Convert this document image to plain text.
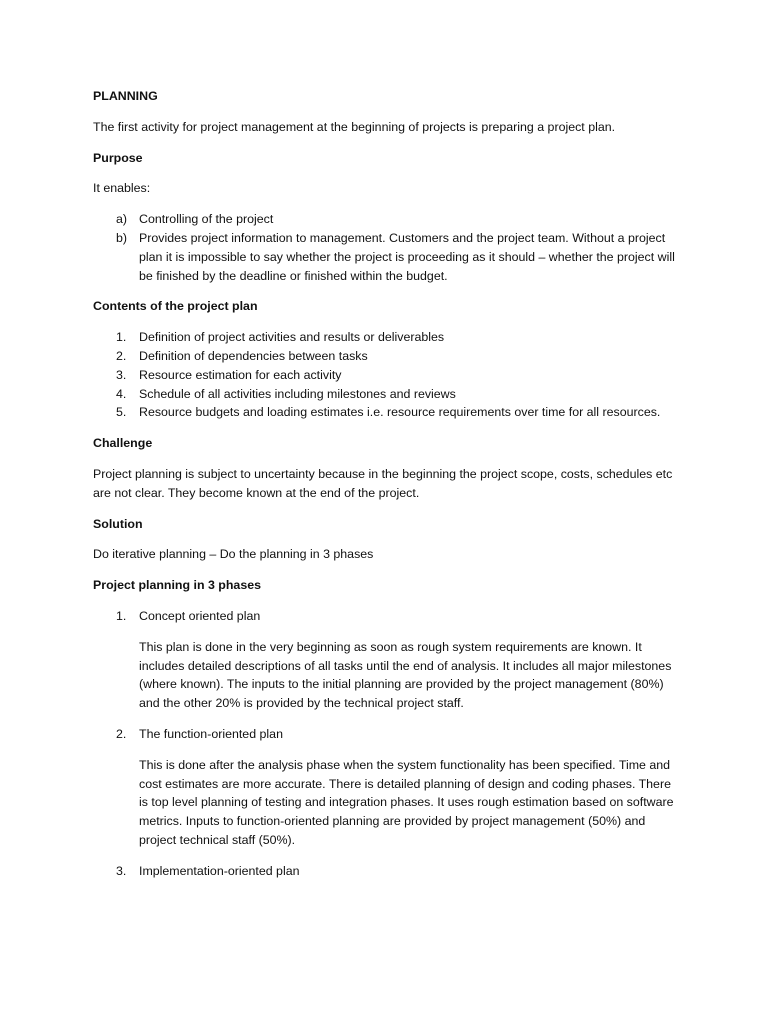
PLANNING

The first activity for project management at the beginning of projects is preparing a project plan.

Purpose

It enables:

a) Controlling of the project
b) Provides project information to management. Customers and the project team. Without a project plan it is impossible to say whether the project is proceeding as it should – whether the project will be finished by the deadline or finished within the budget.
Contents of the project plan
1. Definition of project activities and results or deliverables
2. Definition of dependencies between tasks
3. Resource estimation for each activity
4. Schedule of all activities including milestones and reviews
5. Resource budgets and loading estimates i.e. resource requirements over time for all resources.
Challenge

Project planning is subject to uncertainty because in the beginning the project scope, costs, schedules etc are not clear. They become known at the end of the project.

Solution

Do iterative planning – Do the planning in 3 phases

Project planning in 3 phases
1. Concept oriented plan

This plan is done in the very beginning as soon as rough system requirements are known. It includes detailed descriptions of all tasks until the end of analysis. It includes all major milestones (where known). The inputs to the initial planning are provided by the project management (80%) and the other 20% is provided by the technical project staff.

2. The function-oriented plan

This is done after the analysis phase when the system functionality has been specified. Time and cost estimates are more accurate. There is detailed planning of design and coding phases. There is top level planning of testing and integration phases. It uses rough estimation based on software metrics. Inputs to function-oriented planning are provided by project management (50%) and project technical staff (50%).

3. Implementation-oriented plan
